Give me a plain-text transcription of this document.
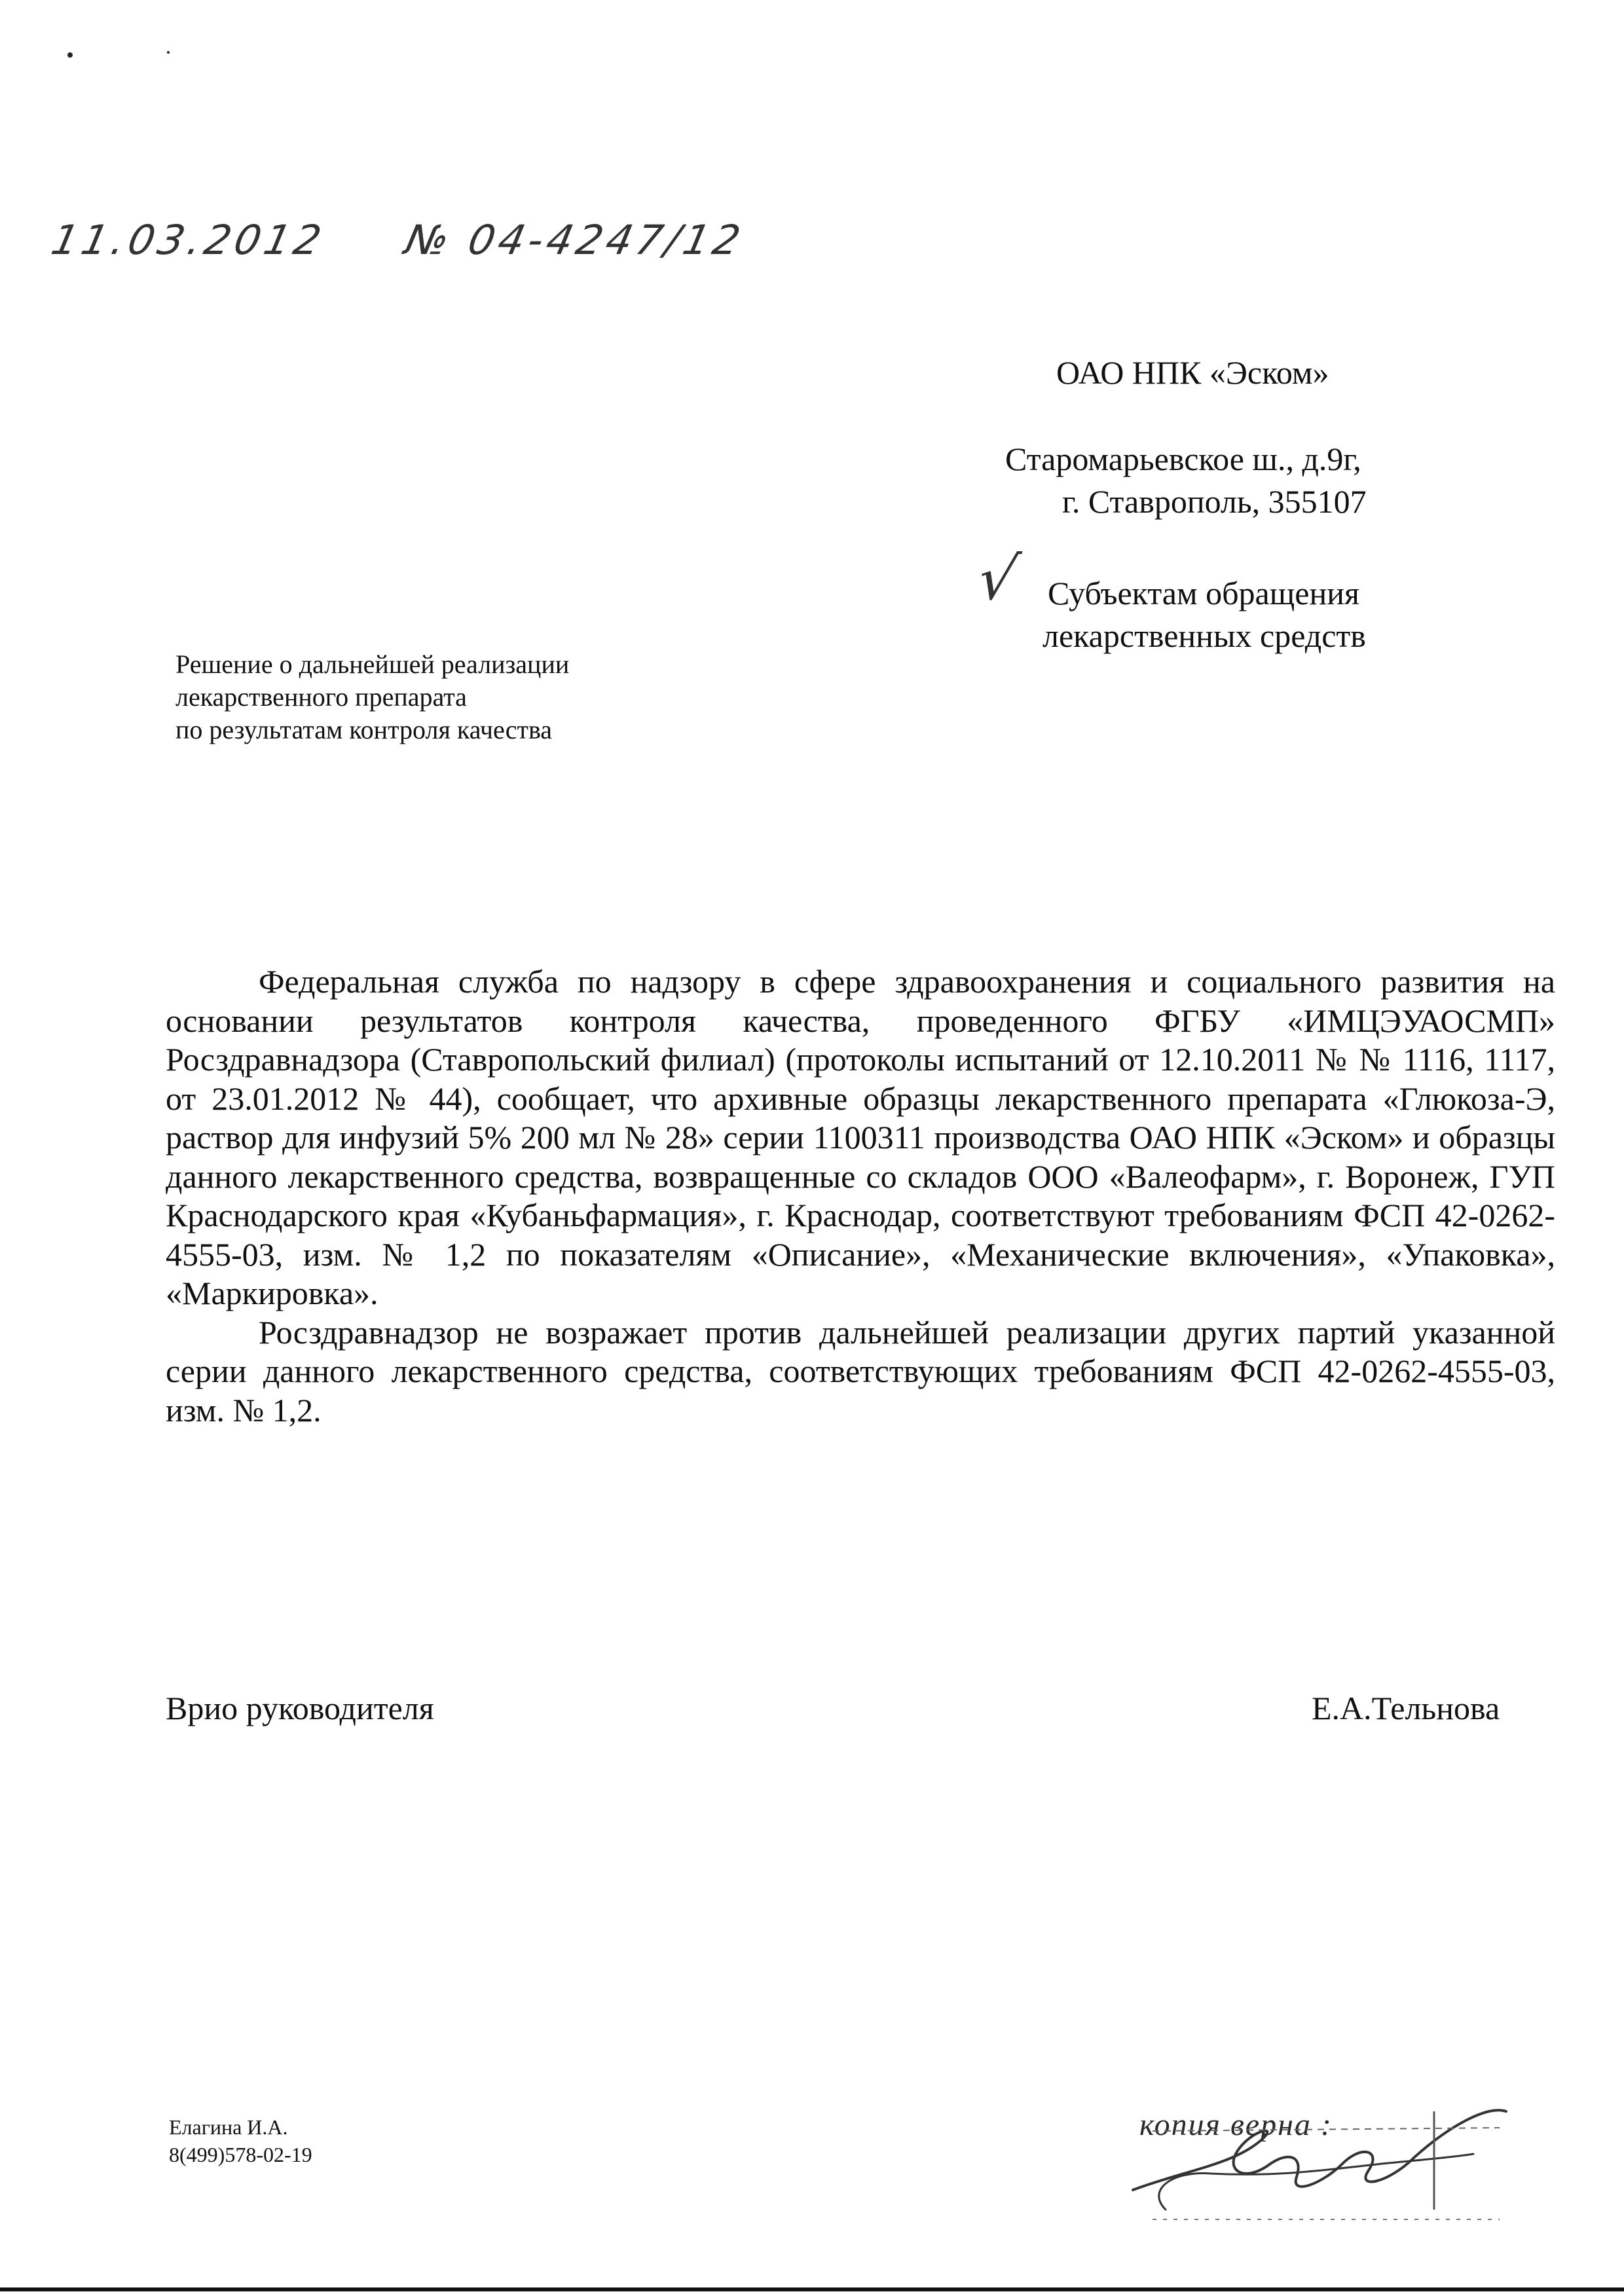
11.03.2012 № 04-4247/12
ОАО НПК «Эском»
Старомарьевское ш., д.9г,
г. Ставрополь, 355107
√ Субъектам обращения
лекарственных средств
Решение о дальнейшей реализации
лекарственного препарата
по результатам контроля качества

Федеральная служба по надзору в сфере здравоохранения и социального развития на основании результатов контроля качества, проведенного ФГБУ «ИМЦЭУАОСМП» Росздравнадзора (Ставропольский филиал) (протоколы испытаний от 12.10.2011 № № 1116, 1117, от 23.01.2012 № 44), сообщает, что архивные образцы лекарственного препарата «Глюкоза-Э, раствор для инфузий 5% 200 мл № 28» серии 1100311 производства ОАО НПК «Эском» и образцы данного лекарственного средства, возвращенные со складов ООО «Валеофарм», г. Воронеж, ГУП Краснодарского края «Кубаньфармация», г. Краснодар, соответствуют требованиям ФСП 42-0262-4555-03, изм. № 1,2 по показателям «Описание», «Механические включения», «Упаковка», «Маркировка».

Росздравнадзор не возражает против дальнейшей реализации других партий указанной серии данного лекарственного средства, соответствующих требованиям ФСП 42-0262-4555-03, изм. № 1,2.

Врио руководителя	Е.А.Тельнова
Елагина И.А.
8(499)578-02-19
копия верна :
